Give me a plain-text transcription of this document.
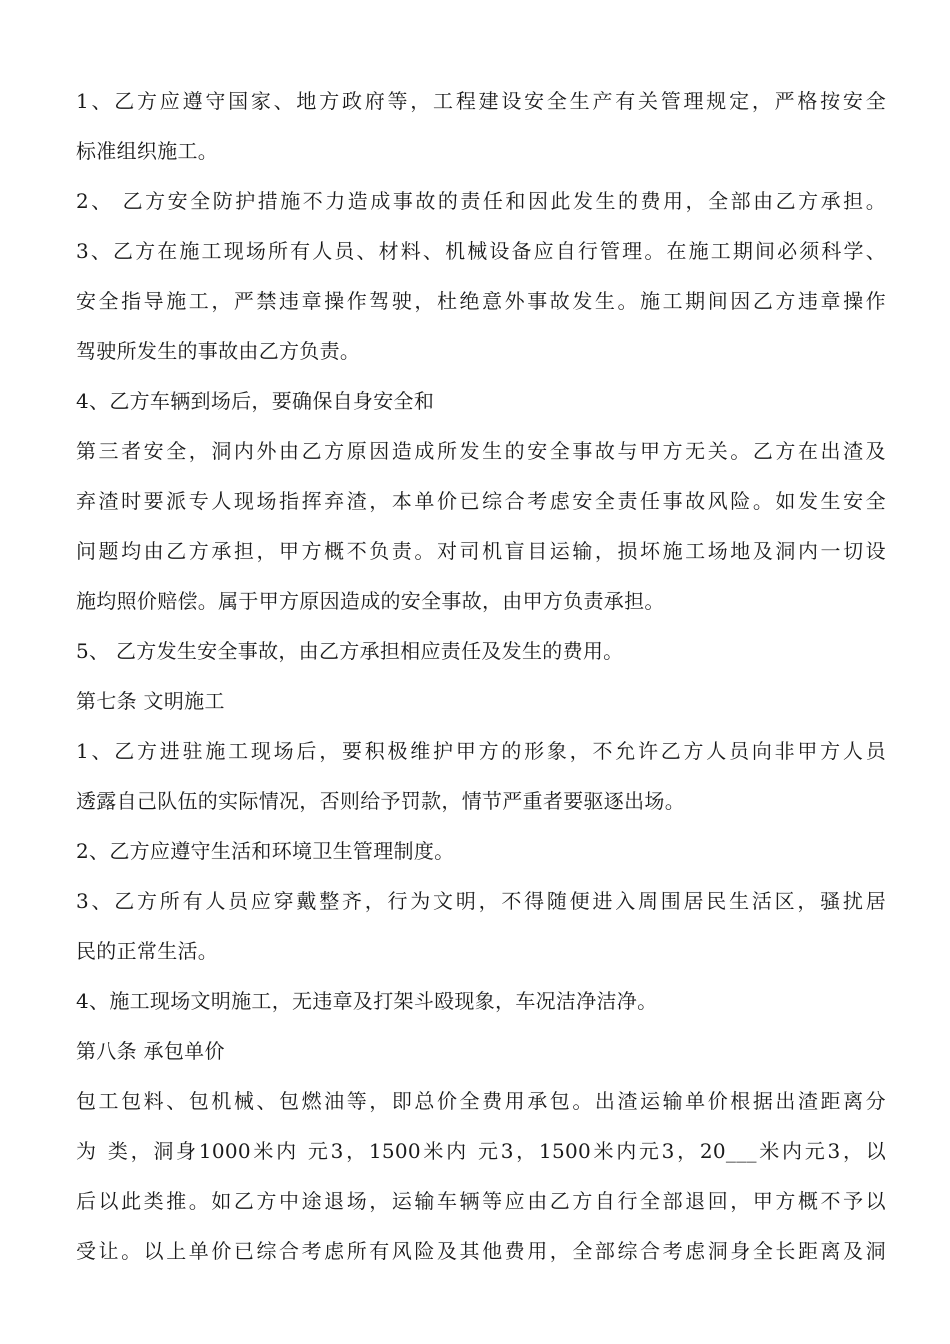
1、乙方应遵守国家、地方政府等，工程建设安全生产有关管理规定，严格按安全
标准组织施工。
2、 乙方安全防护措施不力造成事故的责任和因此发生的费用，全部由乙方承担。
3、乙方在施工现场所有人员、材料、机械设备应自行管理。在施工期间必须科学、
安全指导施工，严禁违章操作驾驶，杜绝意外事故发生。施工期间因乙方违章操作
驾驶所发生的事故由乙方负责。
4、乙方车辆到场后，要确保自身安全和
第三者安全，洞内外由乙方原因造成所发生的安全事故与甲方无关。乙方在出渣及
弃渣时要派专人现场指挥弃渣，本单价已综合考虑安全责任事故风险。如发生安全
问题均由乙方承担，甲方概不负责。对司机盲目运输，损坏施工场地及洞内一切设
施均照价赔偿。属于甲方原因造成的安全事故，由甲方负责承担。
5、 乙方发生安全事故，由乙方承担相应责任及发生的费用。
第七条 文明施工
1、乙方进驻施工现场后，要积极维护甲方的形象，不允许乙方人员向非甲方人员
透露自己队伍的实际情况，否则给予罚款，情节严重者要驱逐出场。
2、乙方应遵守生活和环境卫生管理制度。
3、乙方所有人员应穿戴整齐，行为文明，不得随便进入周围居民生活区，骚扰居
民的正常生活。
4、施工现场文明施工，无违章及打架斗殴现象，车况洁净洁净。
第八条 承包单价
包工包料、包机械、包燃油等，即总价全费用承包。出渣运输单价根据出渣距离分
为 类，洞身1000米内 元3，1500米内 元3，1500米内元3，20___米内元3，以
后以此类推。如乙方中途退场，运输车辆等应由乙方自行全部退回，甲方概不予以
受让。以上单价已综合考虑所有风险及其他费用，全部综合考虑洞身全长距离及洞
